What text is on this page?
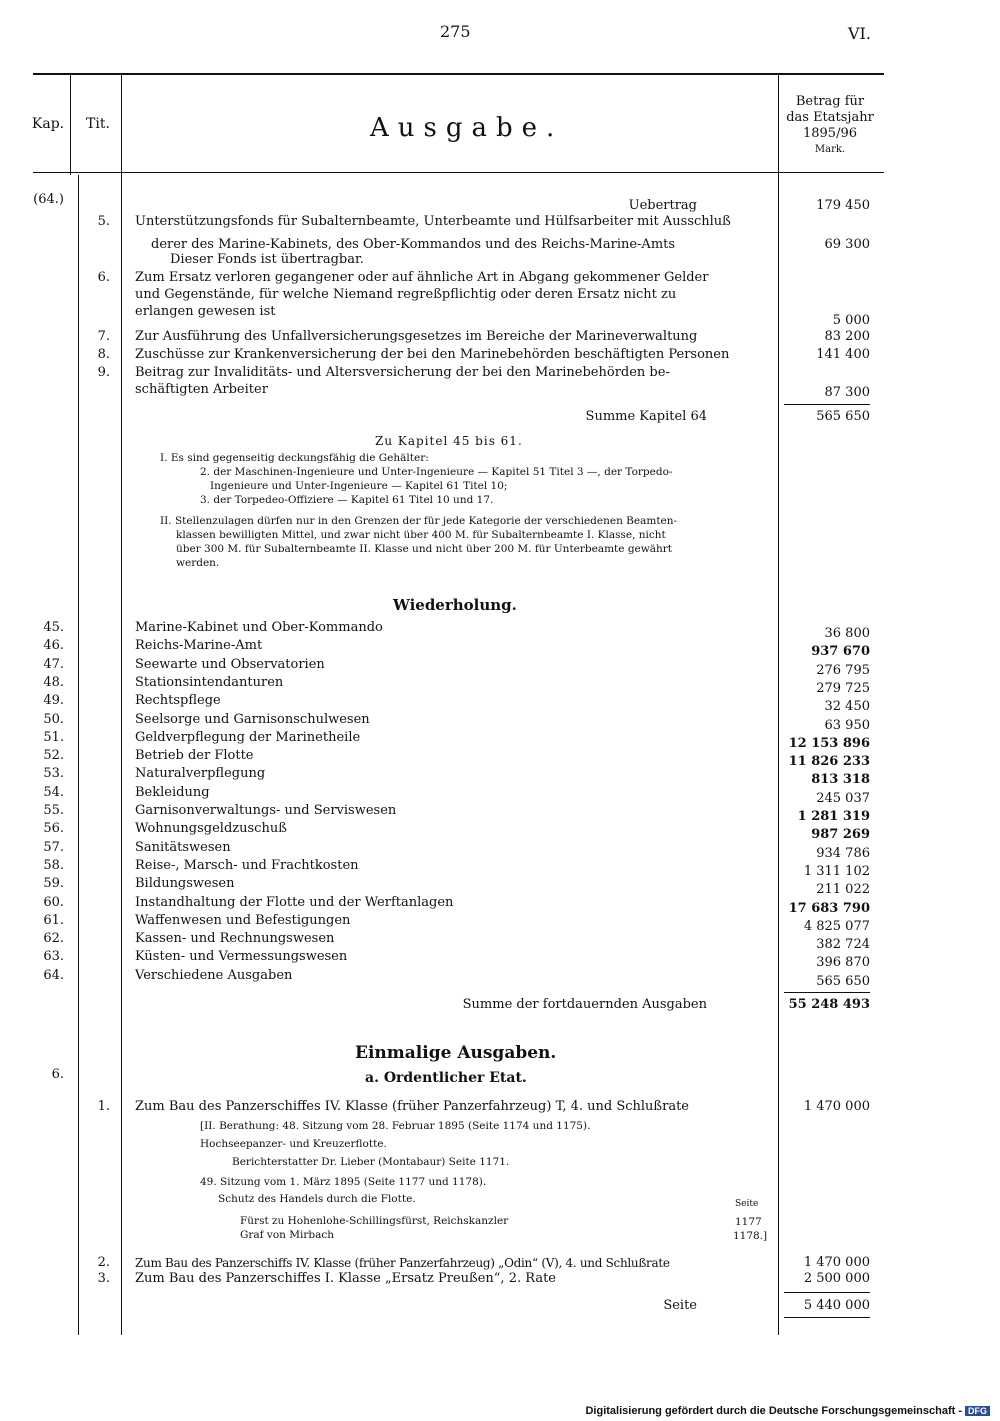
275	VI.
Kap.	Tit.	Ausgabe.
Betrag für
das Etatsjahr
1895/96
Mark.
(64.)	Uebertrag	179 450
5. Unterstützungsfonds für Subalternbeamte, Unterbeamte und Hülfsarbeiter mit Ausschluß
derer des Marine-Kabinets, des Ober-Kommandos und des Reichs-Marine-Amts	69 300
Dieser Fonds ist übertragbar.
6. Zum Ersatz verloren gegangener oder auf ähnliche Art in Abgang gekommener Gelder
und Gegenstände, für welche Niemand regreßpflichtig oder deren Ersatz nicht zu
erlangen gewesen ist
5 000
7. Zur Ausführung des Unfallversicherungsgesetzes im Bereiche der Marineverwaltung	83 200
8. Zuschüsse zur Krankenversicherung der bei den Marinebehörden beschäftigten Personen	141 400
9. Beitrag zur Invaliditäts- und Altersversicherung der bei den Marinebehörden be-
schäftigten Arbeiter	87 300
Summe Kapitel 64	565 650
Zu Kapitel 45 bis 61.
I. Es sind gegenseitig deckungsfähig die Gehälter:
2. der Maschinen-Ingenieure und Unter-Ingenieure — Kapitel 51 Titel 3 —, der Torpedo-
Ingenieure und Unter-Ingenieure — Kapitel 61 Titel 10;
3. der Torpedeo-Offiziere — Kapitel 61 Titel 10 und 17.
II. Stellenzulagen dürfen nur in den Grenzen der für jede Kategorie der verschiedenen Beamten-
klassen bewilligten Mittel, und zwar nicht über 400 M. für Subalternbeamte I. Klasse, nicht
über 300 M. für Subalternbeamte II. Klasse und nicht über 200 M. für Unterbeamte gewährt
werden.
Wiederholung.
45.	Marine-Kabinet und Ober-Kommando	36 800
46.	Reichs-Marine-Amt	937 670
47.	Seewarte und Observatorien	276 795
48.	Stationsintendanturen	279 725
49.	Rechtspflege	32 450
50.	Seelsorge und Garnisonschulwesen	63 950
51.	Geldverpflegung der Marinetheile	12 153 896
52.	Betrieb der Flotte	11 826 233
53.	Naturalverpflegung	813 318
54.	Bekleidung	245 037
55.	Garnisonverwaltungs- und Serviswesen	1 281 319
56.	Wohnungsgeldzuschuß	987 269
57.	Sanitätswesen	934 786
58.	Reise-, Marsch- und Frachtkosten	1 311 102
59.	Bildungswesen	211 022
60.	Instandhaltung der Flotte und der Werftanlagen	17 683 790
61.	Waffenwesen und Befestigungen	4 825 077
62.	Kassen- und Rechnungswesen	382 724
63.	Küsten- und Vermessungswesen	396 870
64.	Verschiedene Ausgaben	565 650
Summe der fortdauernden Ausgaben	55 248 493
Einmalige Ausgaben.
a. Ordentlicher Etat.
6.
1. Zum Bau des Panzerschiffes IV. Klasse (früher Panzerfahrzeug) T, 4. und Schlußrate	1 470 000
[II. Berathung: 48. Sitzung vom 28. Februar 1895 (Seite 1174 und 1175).
Hochseepanzer- und Kreuzerflotte.
Berichterstatter Dr. Lieber (Montabaur) Seite 1171.
49. Sitzung vom 1. März 1895 (Seite 1177 und 1178).
Schutz des Handels durch die Flotte.	Seite
Fürst zu Hohenlohe-Schillingsfürst, Reichskanzler	1177
Graf von Mirbach	1178.]
2. Zum Bau des Panzerschiffs IV. Klasse (früher Panzerfahrzeug) „Odin“ (V), 4. und Schlußrate	1 470 000
3. Zum Bau des Panzerschiffes I. Klasse „Ersatz Preußen“, 2. Rate	2 500 000
Seite	5 440 000
Digitalisierung gefördert durch die Deutsche Forschungsgemeinschaft - DFG
